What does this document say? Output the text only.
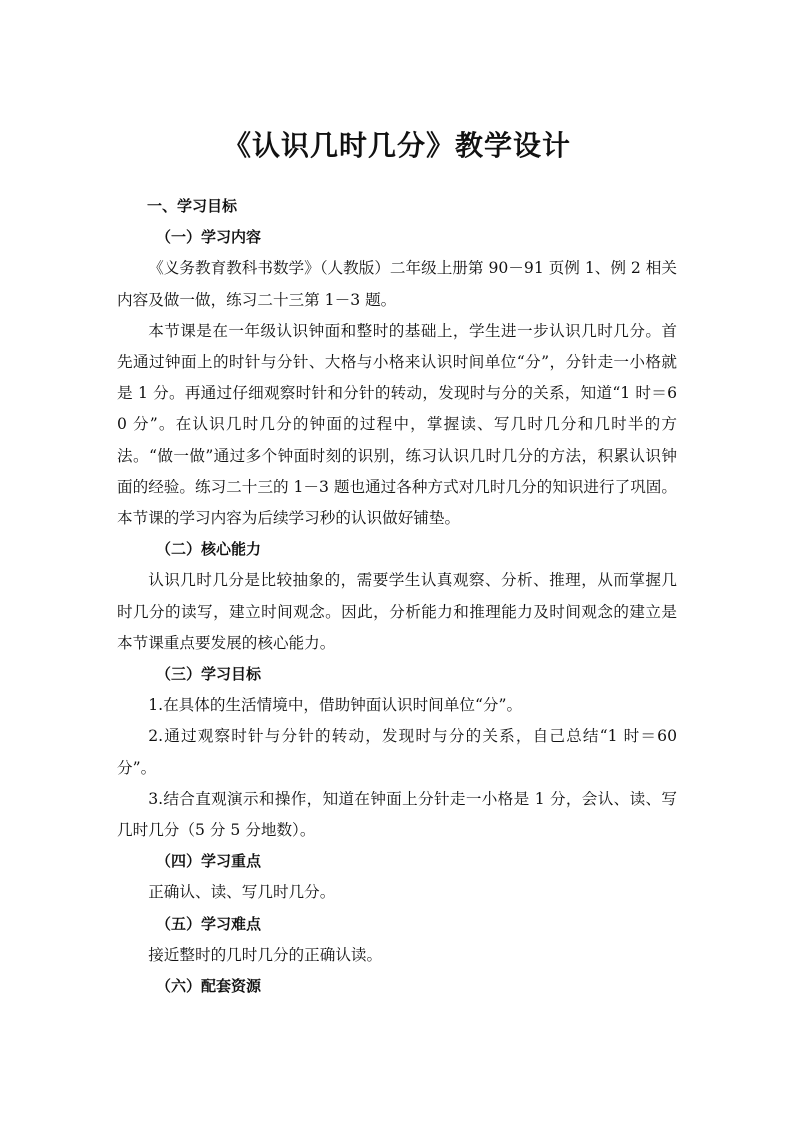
《认识几时几分》教学设计

一、学习目标

（一）学习内容

《义务教育教科书数学》（人教版）二年级上册第 90－91 页例 1、例 2 相关内容及做一做，练习二十三第 1－3 题。

本节课是在一年级认识钟面和整时的基础上，学生进一步认识几时几分。首先通过钟面上的时针与分针、大格与小格来认识时间单位“分”，分针走一小格就是 1 分。再通过仔细观察时针和分针的转动，发现时与分的关系，知道“1 时＝60 分”。在认识几时几分的钟面的过程中，掌握读、写几时几分和几时半的方法。“做一做”通过多个钟面时刻的识别，练习认识几时几分的方法，积累认识钟面的经验。练习二十三的 1－3 题也通过各种方式对几时几分的知识进行了巩固。本节课的学习内容为后续学习秒的认识做好铺垫。

（二）核心能力

认识几时几分是比较抽象的，需要学生认真观察、分析、推理，从而掌握几时几分的读写，建立时间观念。因此，分析能力和推理能力及时间观念的建立是本节课重点要发展的核心能力。

（三）学习目标

1.在具体的生活情境中，借助钟面认识时间单位“分”。

2.通过观察时针与分针的转动，发现时与分的关系，自己总结“1 时＝60 分”。

3.结合直观演示和操作，知道在钟面上分针走一小格是 1 分，会认、读、写几时几分（5 分 5 分地数）。

（四）学习重点

正确认、读、写几时几分。

（五）学习难点

接近整时的几时几分的正确认读。

（六）配套资源
